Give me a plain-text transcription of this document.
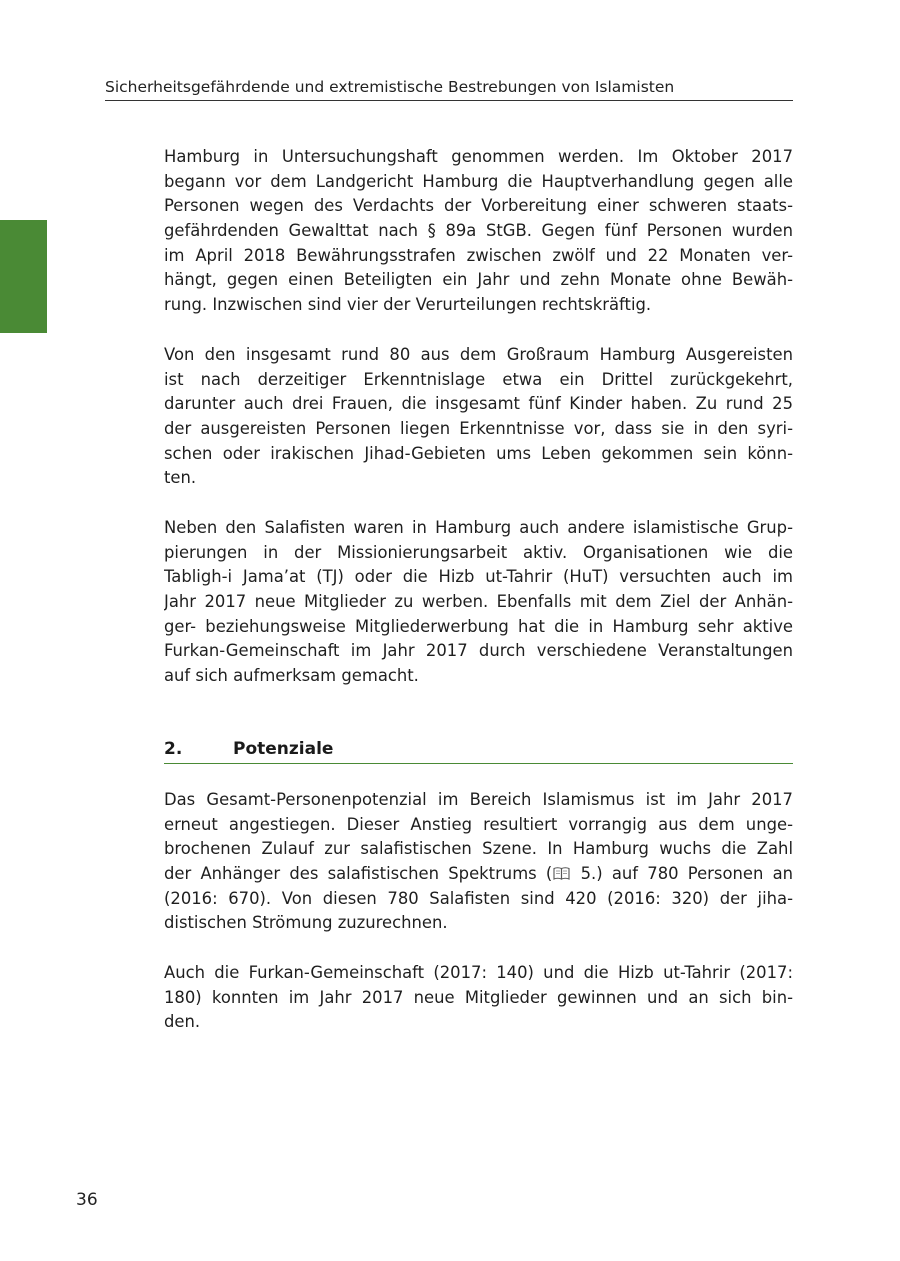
Sicherheitsgefährdende und extremistische Bestrebungen von Islamisten
Hamburg in Untersuchungshaft genommen werden. Im Oktober 2017
begann vor dem Landgericht Hamburg die Hauptverhandlung gegen alle
Personen wegen des Verdachts der Vorbereitung einer schweren staats-
gefährdenden Gewalttat nach § 89a StGB. Gegen fünf Personen wurden
im April 2018 Bewährungsstrafen zwischen zwölf und 22 Monaten ver-
hängt, gegen einen Beteiligten ein Jahr und zehn Monate ohne Bewäh-
rung. Inzwischen sind vier der Verurteilungen rechtskräftig.
Von den insgesamt rund 80 aus dem Großraum Hamburg Ausgereisten
ist nach derzeitiger Erkenntnislage etwa ein Drittel zurückgekehrt,
darunter auch drei Frauen, die insgesamt fünf Kinder haben. Zu rund 25
der ausgereisten Personen liegen Erkenntnisse vor, dass sie in den syri-
schen oder irakischen Jihad-Gebieten ums Leben gekommen sein könn-
ten.
Neben den Salafisten waren in Hamburg auch andere islamistische Grup-
pierungen in der Missionierungsarbeit aktiv. Organisationen wie die
Tabligh-i Jama’at (TJ) oder die Hizb ut-Tahrir (HuT) versuchten auch im
Jahr 2017 neue Mitglieder zu werben. Ebenfalls mit dem Ziel der Anhän-
ger- beziehungsweise Mitgliederwerbung hat die in Hamburg sehr aktive
Furkan-Gemeinschaft im Jahr 2017 durch verschiedene Veranstaltungen
auf sich aufmerksam gemacht.
2.	Potenziale
Das Gesamt-Personenpotenzial im Bereich Islamismus ist im Jahr 2017
erneut angestiegen. Dieser Anstieg resultiert vorrangig aus dem unge-
brochenen Zulauf zur salafistischen Szene. In Hamburg wuchs die Zahl
der Anhänger des salafistischen Spektrums ( 5.) auf 780 Personen an
(2016: 670). Von diesen 780 Salafisten sind 420 (2016: 320) der jiha-
distischen Strömung zuzurechnen.
Auch die Furkan-Gemeinschaft (2017: 140) und die Hizb ut-Tahrir (2017:
180) konnten im Jahr 2017 neue Mitglieder gewinnen und an sich bin-
den.
36
